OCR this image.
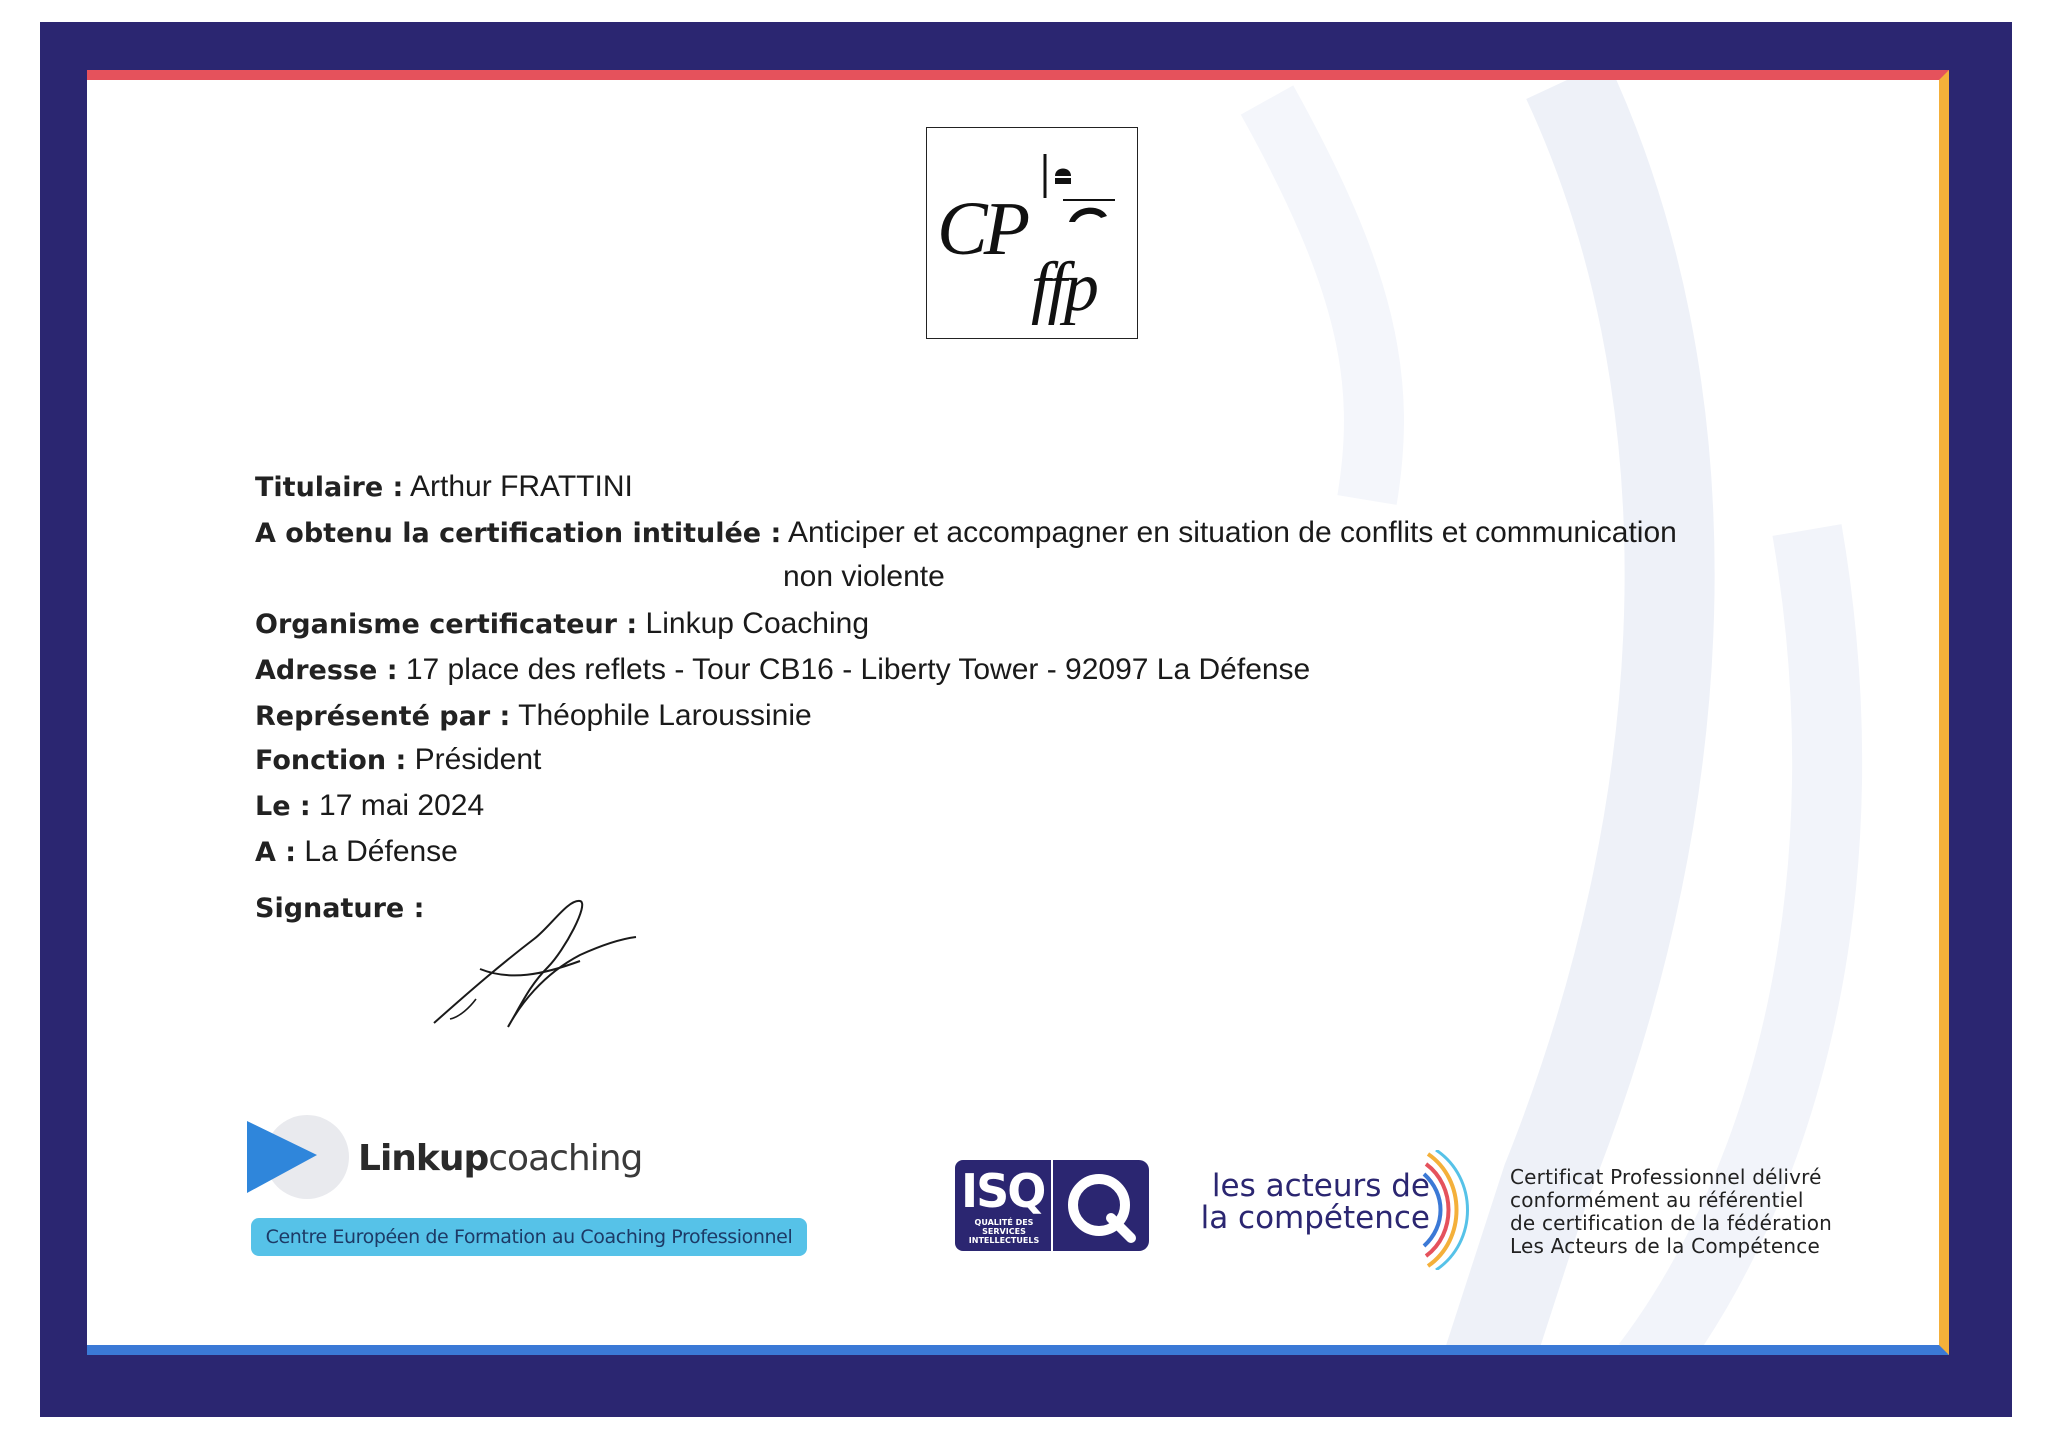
CP
ffp
Titulaire : Arthur FRATTINI
A obtenu la certification intitulée : Anticiper et accompagner en situation de conflits et communication
non violente
Organisme certificateur : Linkup Coaching
Adresse : 17 place des reflets - Tour CB16 - Liberty Tower - 92097 La Défense
Représenté par : Théophile Laroussinie
Fonction : Président
Le : 17 mai 2024
A : La Défense
Signature :
Linkupcoaching
Centre Européen de Formation au Coaching Professionnel
ISQ
QUALITÉ DES SERVICES INTELLECTUELS
les acteurs de
la compétence
Certificat Professionnel délivré
conformément au référentiel
de certification de la fédération
Les Acteurs de la Compétence
